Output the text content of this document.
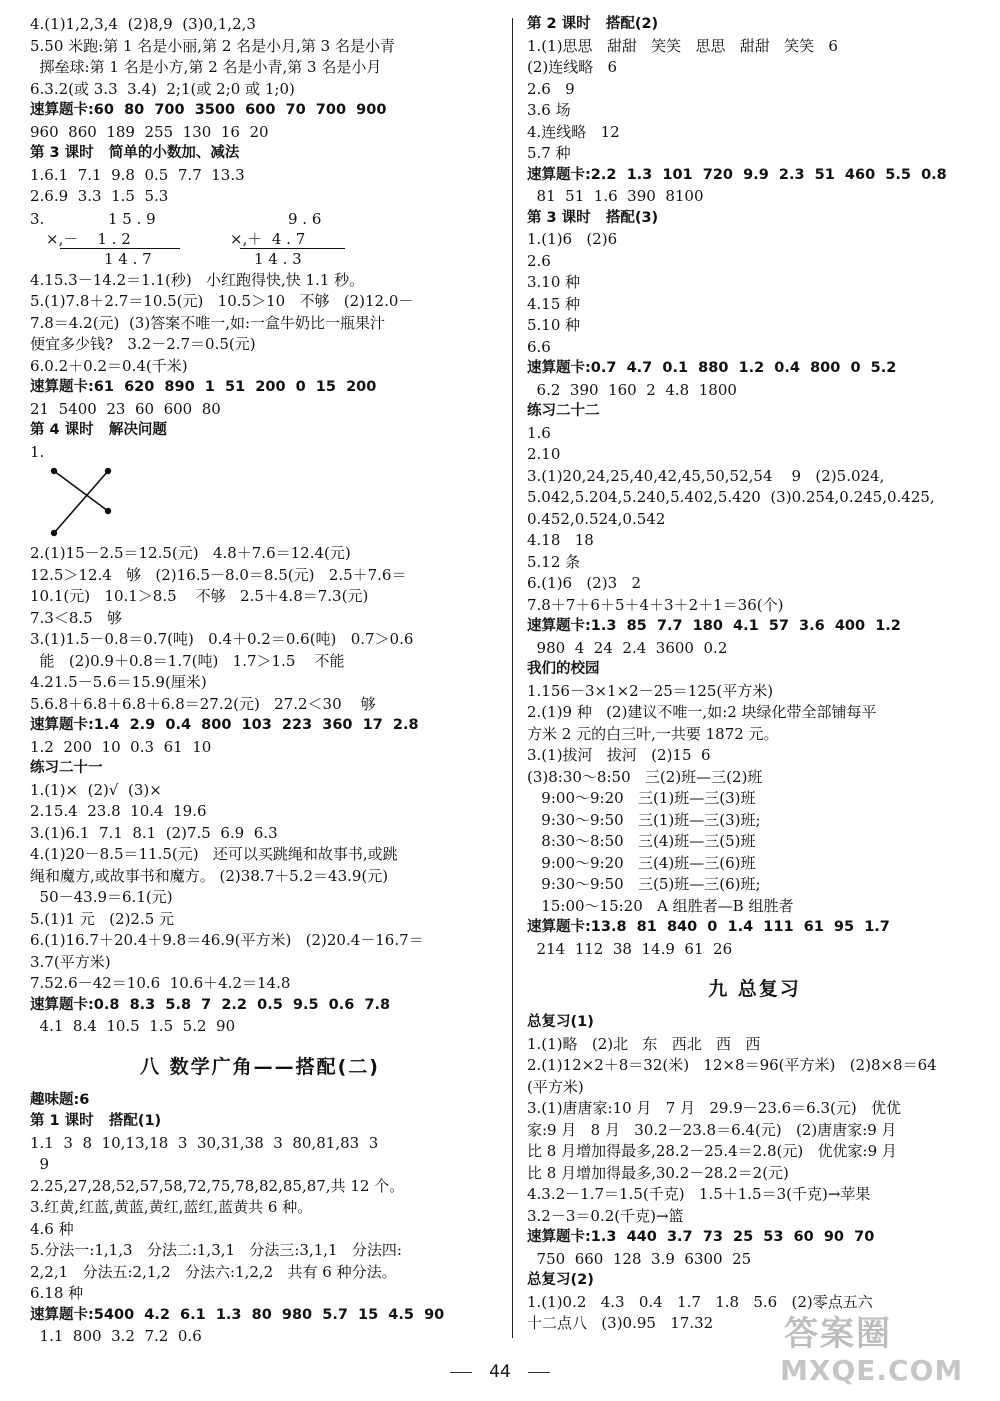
4.(1)1,2,3,4  (2)8,9  (3)0,1,2,3
5.50 米跑:第 1 名是小丽,第 2 名是小月,第 3 名是小青
掷垒球:第 1 名是小方,第 2 名是小青,第 3 名是小月
6.3.2(或 3.3  3.4)  2;1(或 2;0 或 1;0)
速算题卡:60  80  700  3500  600  70  700  900
960  860  189  255  130  16  20
第 3 课时   简单的小数加、减法
1.6.1  7.1  9.8  0.5  7.7  13.3
2.6.9  3.3  1.5  5.3
3.	1 5 . 9
×,－    1 . 2
1 4 . 7
9 . 6
×,＋  4 . 7
1 4 . 3
4.15.3－14.2＝1.1(秒)   小红跑得快,快 1.1 秒。
5.(1)7.8＋2.7＝10.5(元)   10.5＞10   不够   (2)12.0－
7.8＝4.2(元)  (3)答案不唯一,如:一盒牛奶比一瓶果汁
便宜多少钱?   3.2－2.7＝0.5(元)
6.0.2＋0.2＝0.4(千米)
速算题卡:61  620  890  1  51  200  0  15  200
21  5400  23  60  600  80
第 4 课时   解决问题
1.
2.(1)15－2.5＝12.5(元)   4.8＋7.6＝12.4(元)
12.5＞12.4   够   (2)16.5－8.0＝8.5(元)   2.5＋7.6＝
10.1(元)   10.1＞8.5    不够   2.5＋4.8＝7.3(元)
7.3＜8.5   够
3.(1)1.5－0.8＝0.7(吨)   0.4＋0.2＝0.6(吨)   0.7＞0.6
能   (2)0.9＋0.8＝1.7(吨)   1.7＞1.5    不能
4.21.5－5.6＝15.9(厘米)
5.6.8＋6.8＋6.8＋6.8＝27.2(元)   27.2＜30    够
速算题卡:1.4  2.9  0.4  800  103  223  360  17  2.8
1.2  200  10  0.3  61  10
练习二十一
1.(1)×  (2)√  (3)×
2.15.4  23.8  10.4  19.6
3.(1)6.1  7.1  8.1  (2)7.5  6.9  6.3
4.(1)20－8.5＝11.5(元)   还可以买跳绳和故事书,或跳
绳和魔方,或故事书和魔方。 (2)38.7＋5.2＝43.9(元)
50－43.9＝6.1(元)
5.(1)1 元   (2)2.5 元
6.(1)16.7＋20.4＋9.8＝46.9(平方米)   (2)20.4－16.7＝
3.7(平方米)
7.52.6－42＝10.6  10.6＋4.2＝14.8
速算题卡:0.8  8.3  5.8  7  2.2  0.5  9.5  0.6  7.8
4.1  8.4  10.5  1.5  5.2  90
八 数学广角——搭配(二)
趣味题:6
第 1 课时   搭配(1)
1.1  3  8  10,13,18  3  30,31,38  3  80,81,83  3
9
2.25,27,28,52,57,58,72,75,78,82,85,87,共 12 个。
3.红黄,红蓝,黄蓝,黄红,蓝红,蓝黄共 6 种。
4.6 种
5.分法一:1,1,3   分法二:1,3,1   分法三:3,1,1   分法四:
2,2,1   分法五:2,1,2   分法六:1,2,2   共有 6 种分法。
6.18 种
速算题卡:5400  4.2  6.1  1.3  80  980  5.7  15  4.5  90
1.1  800  3.2  7.2  0.6
第 2 课时   搭配(2)
1.(1)思思   甜甜   笑笑   思思   甜甜   笑笑   6
(2)连线略   6
2.6   9
3.6 场
4.连线略   12
5.7 种
速算题卡:2.2  1.3  101  720  9.9  2.3  51  460  5.5  0.8
81  51  1.6  390  8100
第 3 课时   搭配(3)
1.(1)6   (2)6
2.6
3.10 种
4.15 种
5.10 种
6.6
速算题卡:0.7  4.7  0.1  880  1.2  0.4  800  0  5.2
6.2  390  160  2  4.8  1800
练习二十二
1.6
2.10
3.(1)20,24,25,40,42,45,50,52,54    9   (2)5.024,
5.042,5.204,5.240,5.402,5.420  (3)0.254,0.245,0.425,
0.452,0.524,0.542
4.18   18
5.12 条
6.(1)6   (2)3   2
7.8＋7＋6＋5＋4＋3＋2＋1＝36(个)
速算题卡:1.3  85  7.7  180  4.1  57  3.6  400  1.2
980  4  24  2.4  3600  0.2
我们的校园
1.156－3×1×2－25＝125(平方米)
2.(1)9 种   (2)建议不唯一,如:2 块绿化带全部铺每平
方米 2 元的白三叶,一共要 1872 元。
3.(1)拔河   拔河   (2)15  6
(3)8:30～8:50   三(2)班—三(2)班
9:00～9:20   三(1)班—三(3)班
9:30～9:50   三(1)班—三(3)班;
8:30～8:50   三(4)班—三(5)班
9:00～9:20   三(4)班—三(6)班
9:30～9:50   三(5)班—三(6)班;
15:00～15:20   A 组胜者—B 组胜者
速算题卡:13.8  81  840  0  1.4  111  61  95  1.7
214  112  38  14.9  61  26
九 总复习
总复习(1)
1.(1)略   (2)北   东   西北   西   西
2.(1)12×2＋8＝32(米)   12×8＝96(平方米)   (2)8×8＝64
(平方米)
3.(1)唐唐家:10 月   7 月   29.9－23.6＝6.3(元)   优优
家:9 月   8 月   30.2－23.8＝6.4(元)   (2)唐唐家:9 月
比 8 月增加得最多,28.2－25.4＝2.8(元)   优优家:9 月
比 8 月增加得最多,30.2－28.2＝2(元)
4.3.2－1.7＝1.5(千克)   1.5＋1.5＝3(千克)→苹果
3.2－3＝0.2(千克)→篮
速算题卡:1.3  440  3.7  73  25  53  60  90  70
750  660  128  3.9  6300  25
总复习(2)
1.(1)0.2   4.3   0.4   1.7   1.8   5.6   (2)零点五六
十二点八   (3)0.95   17.32
44
答案圈
MXQE.COM
